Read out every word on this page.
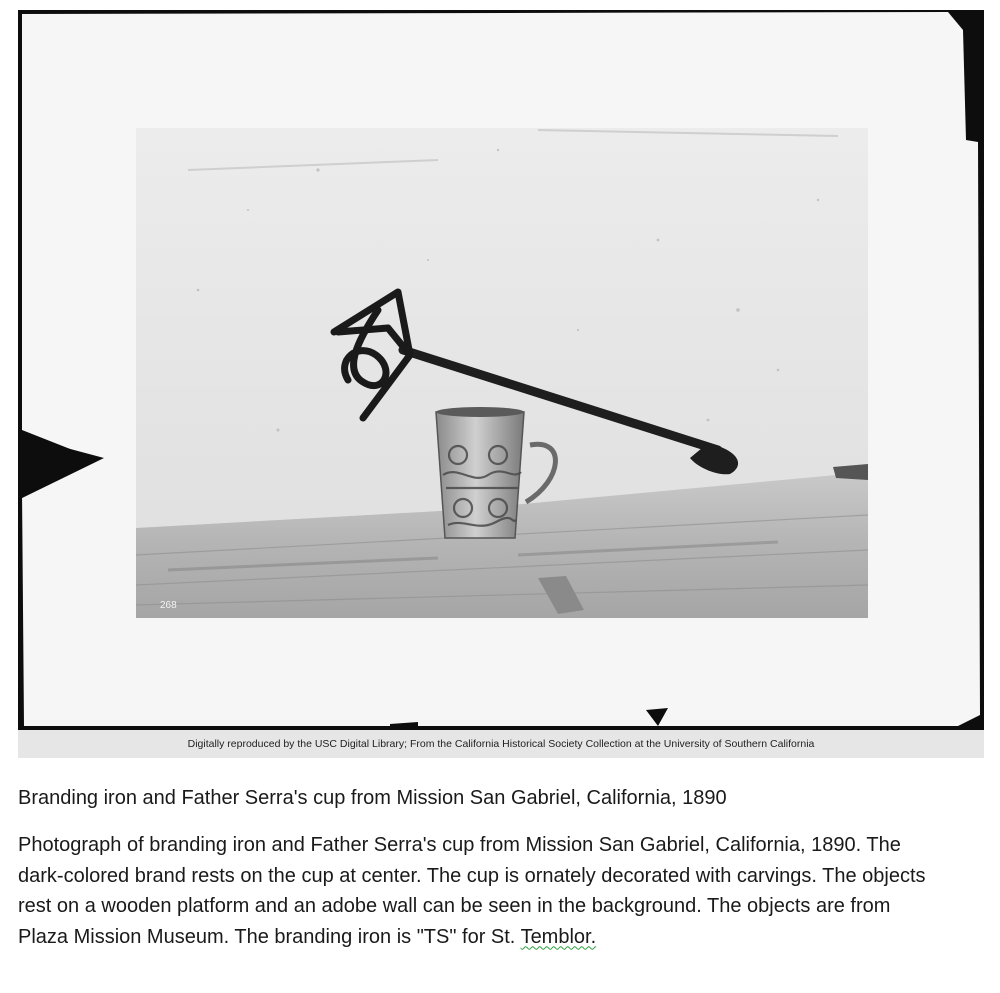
268
Digitally reproduced by the USC Digital Library; From the California Historical Society Collection at the University of Southern California

Branding iron and Father Serra's cup from Mission San Gabriel, California, 1890

Photograph of branding iron and Father Serra's cup from Mission San Gabriel, California, 1890. The dark-colored brand rests on the cup at center. The cup is ornately decorated with carvings. The objects rest on a wooden platform and an adobe wall can be seen in the background. The objects are from Plaza Mission Museum. The branding iron is "TS" for St. Temblor.
